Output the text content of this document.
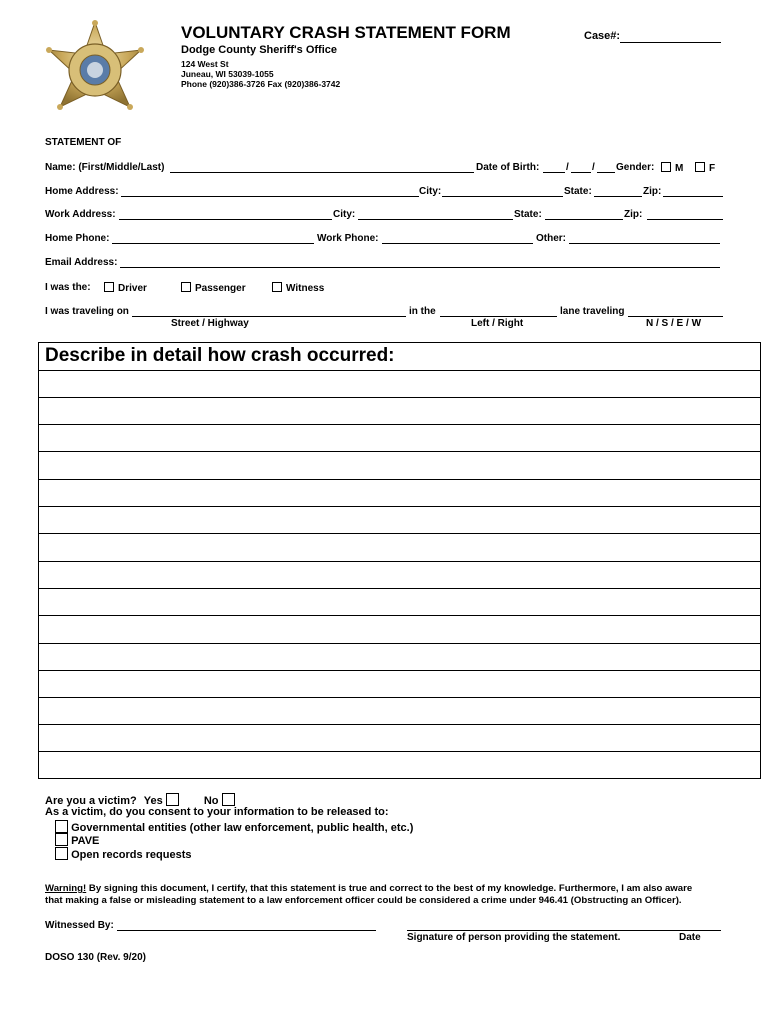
VOLUNTARY CRASH STATEMENT FORM	Case#:
Dodge County Sheriff's Office
124 West St
Juneau, WI 53039-1055
Phone (920)386-3726 Fax (920)386-3742
STATEMENT OF
Name: (First/Middle/Last)	Date of Birth:	/ / Gender:	M	F
Home Address:	City:	State:	Zip:
Work Address:	City:	State:	Zip:
Home Phone:	Work Phone:	Other:
Email Address:
I was the:	Driver	Passenger	Witness
I was traveling on	in the	lane traveling
Street / Highway	Left / Right	N / S / E / W
Describe in detail how crash occurred:
Are you a victim? Yes	No
As a victim, do you consent to your information to be released to:
Governmental entities (other law enforcement, public health, etc.)
PAVE
Open records requests
Warning! By signing this document, I certify, that this statement is true and correct to the best of my knowledge. Furthermore, I am also aware
that making a false or misleading statement to a law enforcement officer could be considered a crime under 946.41 (Obstructing an Officer).
Witnessed By:
Signature of person providing the statement.	Date
DOSO 130 (Rev. 9/20)
